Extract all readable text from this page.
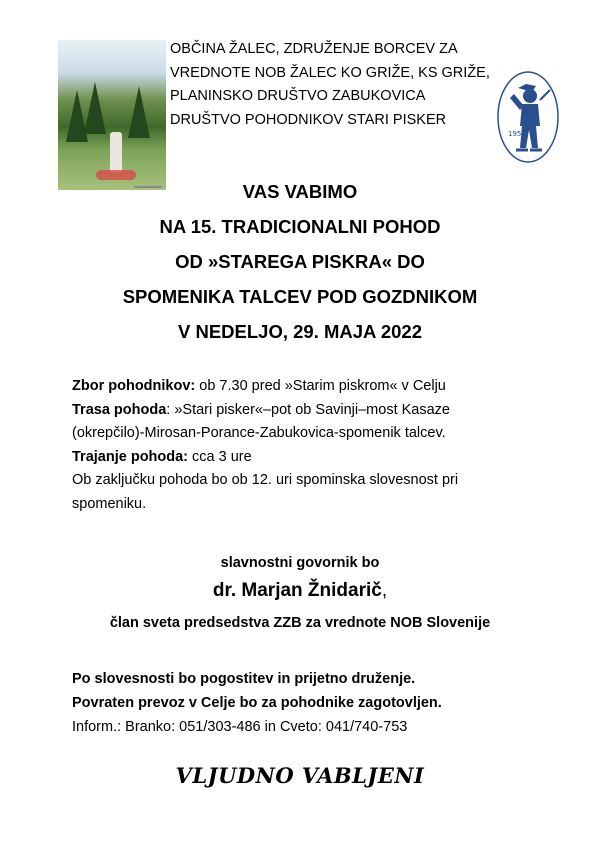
OBČINA ŽALEC, ZDRUŽENJE BORCEV ZA
VREDNOTE NOB ŽALEC KO GRIŽE, KS GRIŽE,
PLANINSKO DRUŠTVO ZABUKOVICA
DRUŠTVO POHODNIKOV STARI PISKER
1950
VAS VABIMO
NA 15. TRADICIONALNI POHOD
OD »STAREGA PISKRA« DO
SPOMENIKA TALCEV POD GOZDNIKOM
V NEDELJO, 29. MAJA 2022
Zbor pohodnikov: ob 7.30 pred »Starim piskrom« v Celju
Trasa pohoda: »Stari pisker«–pot ob Savinji–most Kasaze
(okrepčilo)-Mirosan-Porance-Zabukovica-spomenik talcev.
Trajanje pohoda: cca 3 ure
Ob zaključku pohoda bo ob 12. uri spominska slovesnost pri
spomeniku.
slavnostni govornik bo
dr. Marjan Žnidarič,
član sveta predsedstva ZZB za vrednote NOB Slovenije
Po slovesnosti bo pogostitev in prijetno druženje.
Povraten prevoz v Celje bo za pohodnike zagotovljen.
Inform.: Branko: 051/303-486 in Cveto: 041/740-753
VLJUDNO VABLJENI
